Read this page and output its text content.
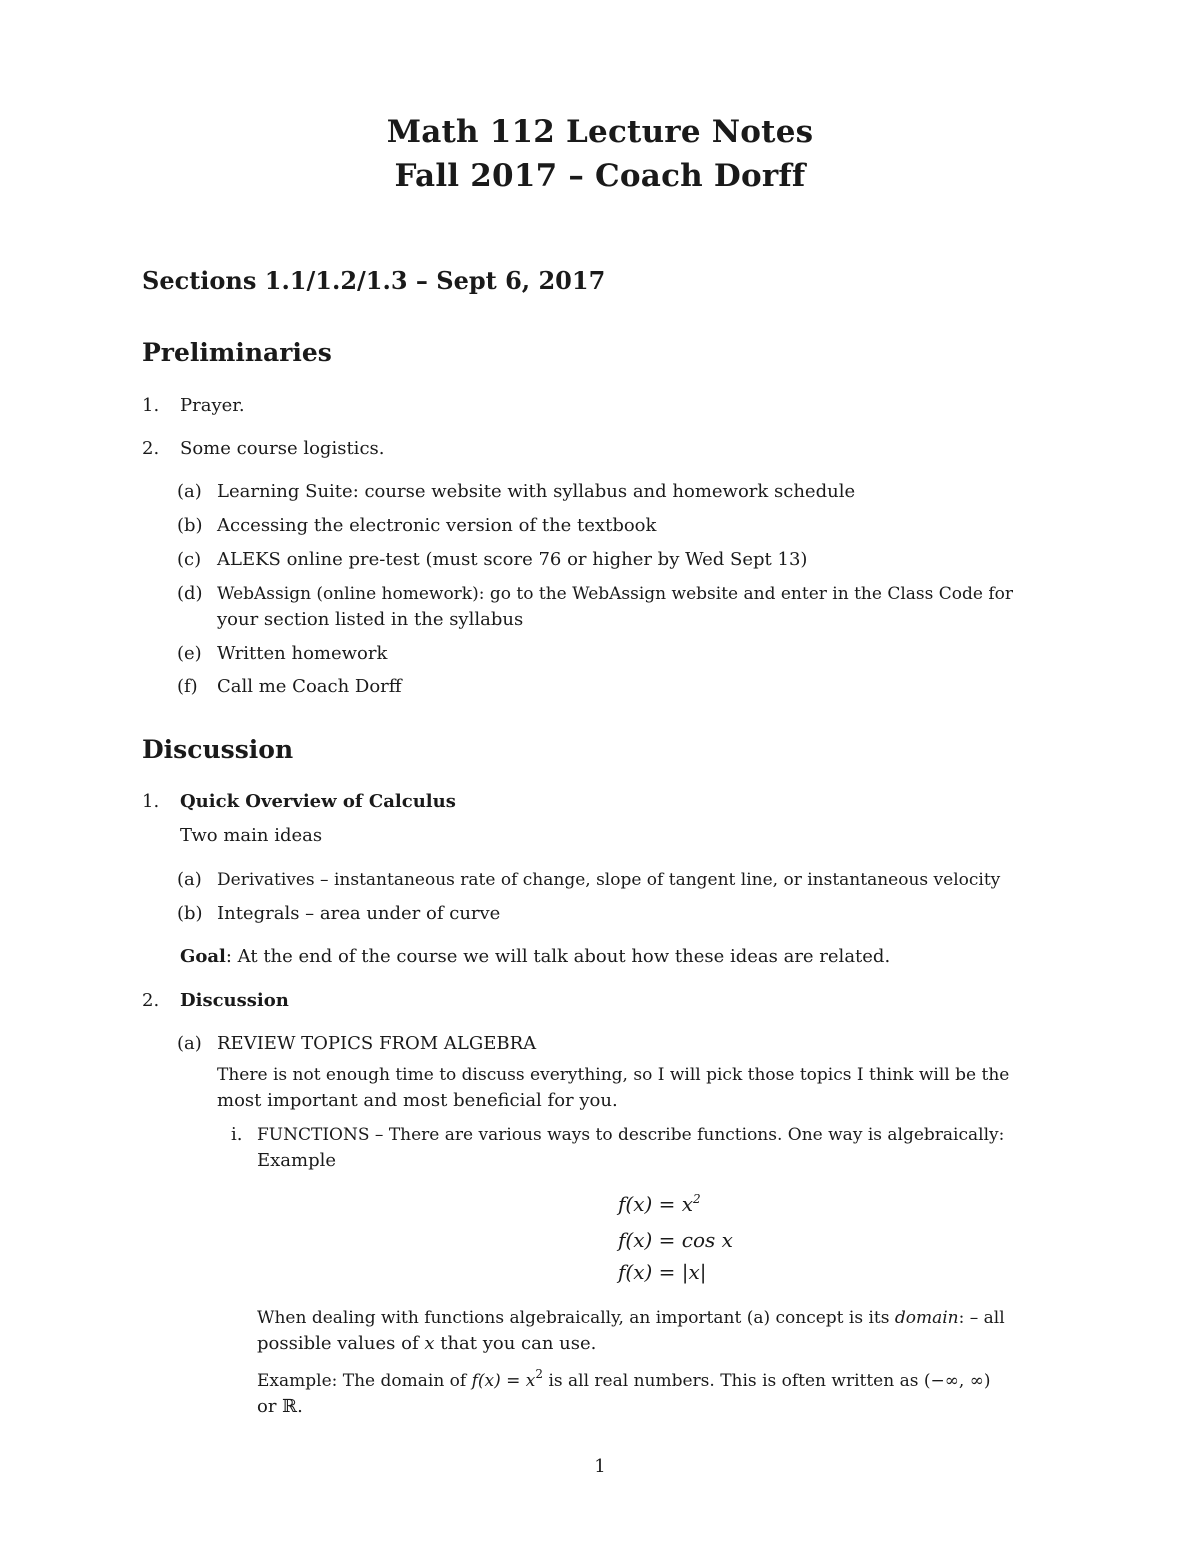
Math 112 Lecture Notes
Fall 2017 – Coach Dorff
Sections 1.1/1.2/1.3 – Sept 6, 2017
Preliminaries
1. Prayer.
2. Some course logistics.
(a) Learning Suite: course website with syllabus and homework schedule
(b) Accessing the electronic version of the textbook
(c) ALEKS online pre-test (must score 76 or higher by Wed Sept 13)
(d) WebAssign (online homework): go to the WebAssign website and enter in the Class Code for
your section listed in the syllabus
(e) Written homework
(f) Call me Coach Dorff
Discussion
1. Quick Overview of Calculus
Two main ideas
(a) Derivatives – instantaneous rate of change, slope of tangent line, or instantaneous velocity
(b) Integrals – area under of curve
Goal: At the end of the course we will talk about how these ideas are related.
2. Discussion
(a) REVIEW TOPICS FROM ALGEBRA
There is not enough time to discuss everything, so I will pick those topics I think will be the
most important and most beneficial for you.
i. FUNCTIONS – There are various ways to describe functions. One way is algebraically:
Example
$f(x) = x^2$
f(x) = cos x
f(x) = |x|
When dealing with functions algebraically, an important (a) concept is its domain: – all
possible values of x that you can use.
Example: The domain of $f(x) = x^2$ is all real numbers. This is often written as (−∞, ∞)
or ℝ.
1
